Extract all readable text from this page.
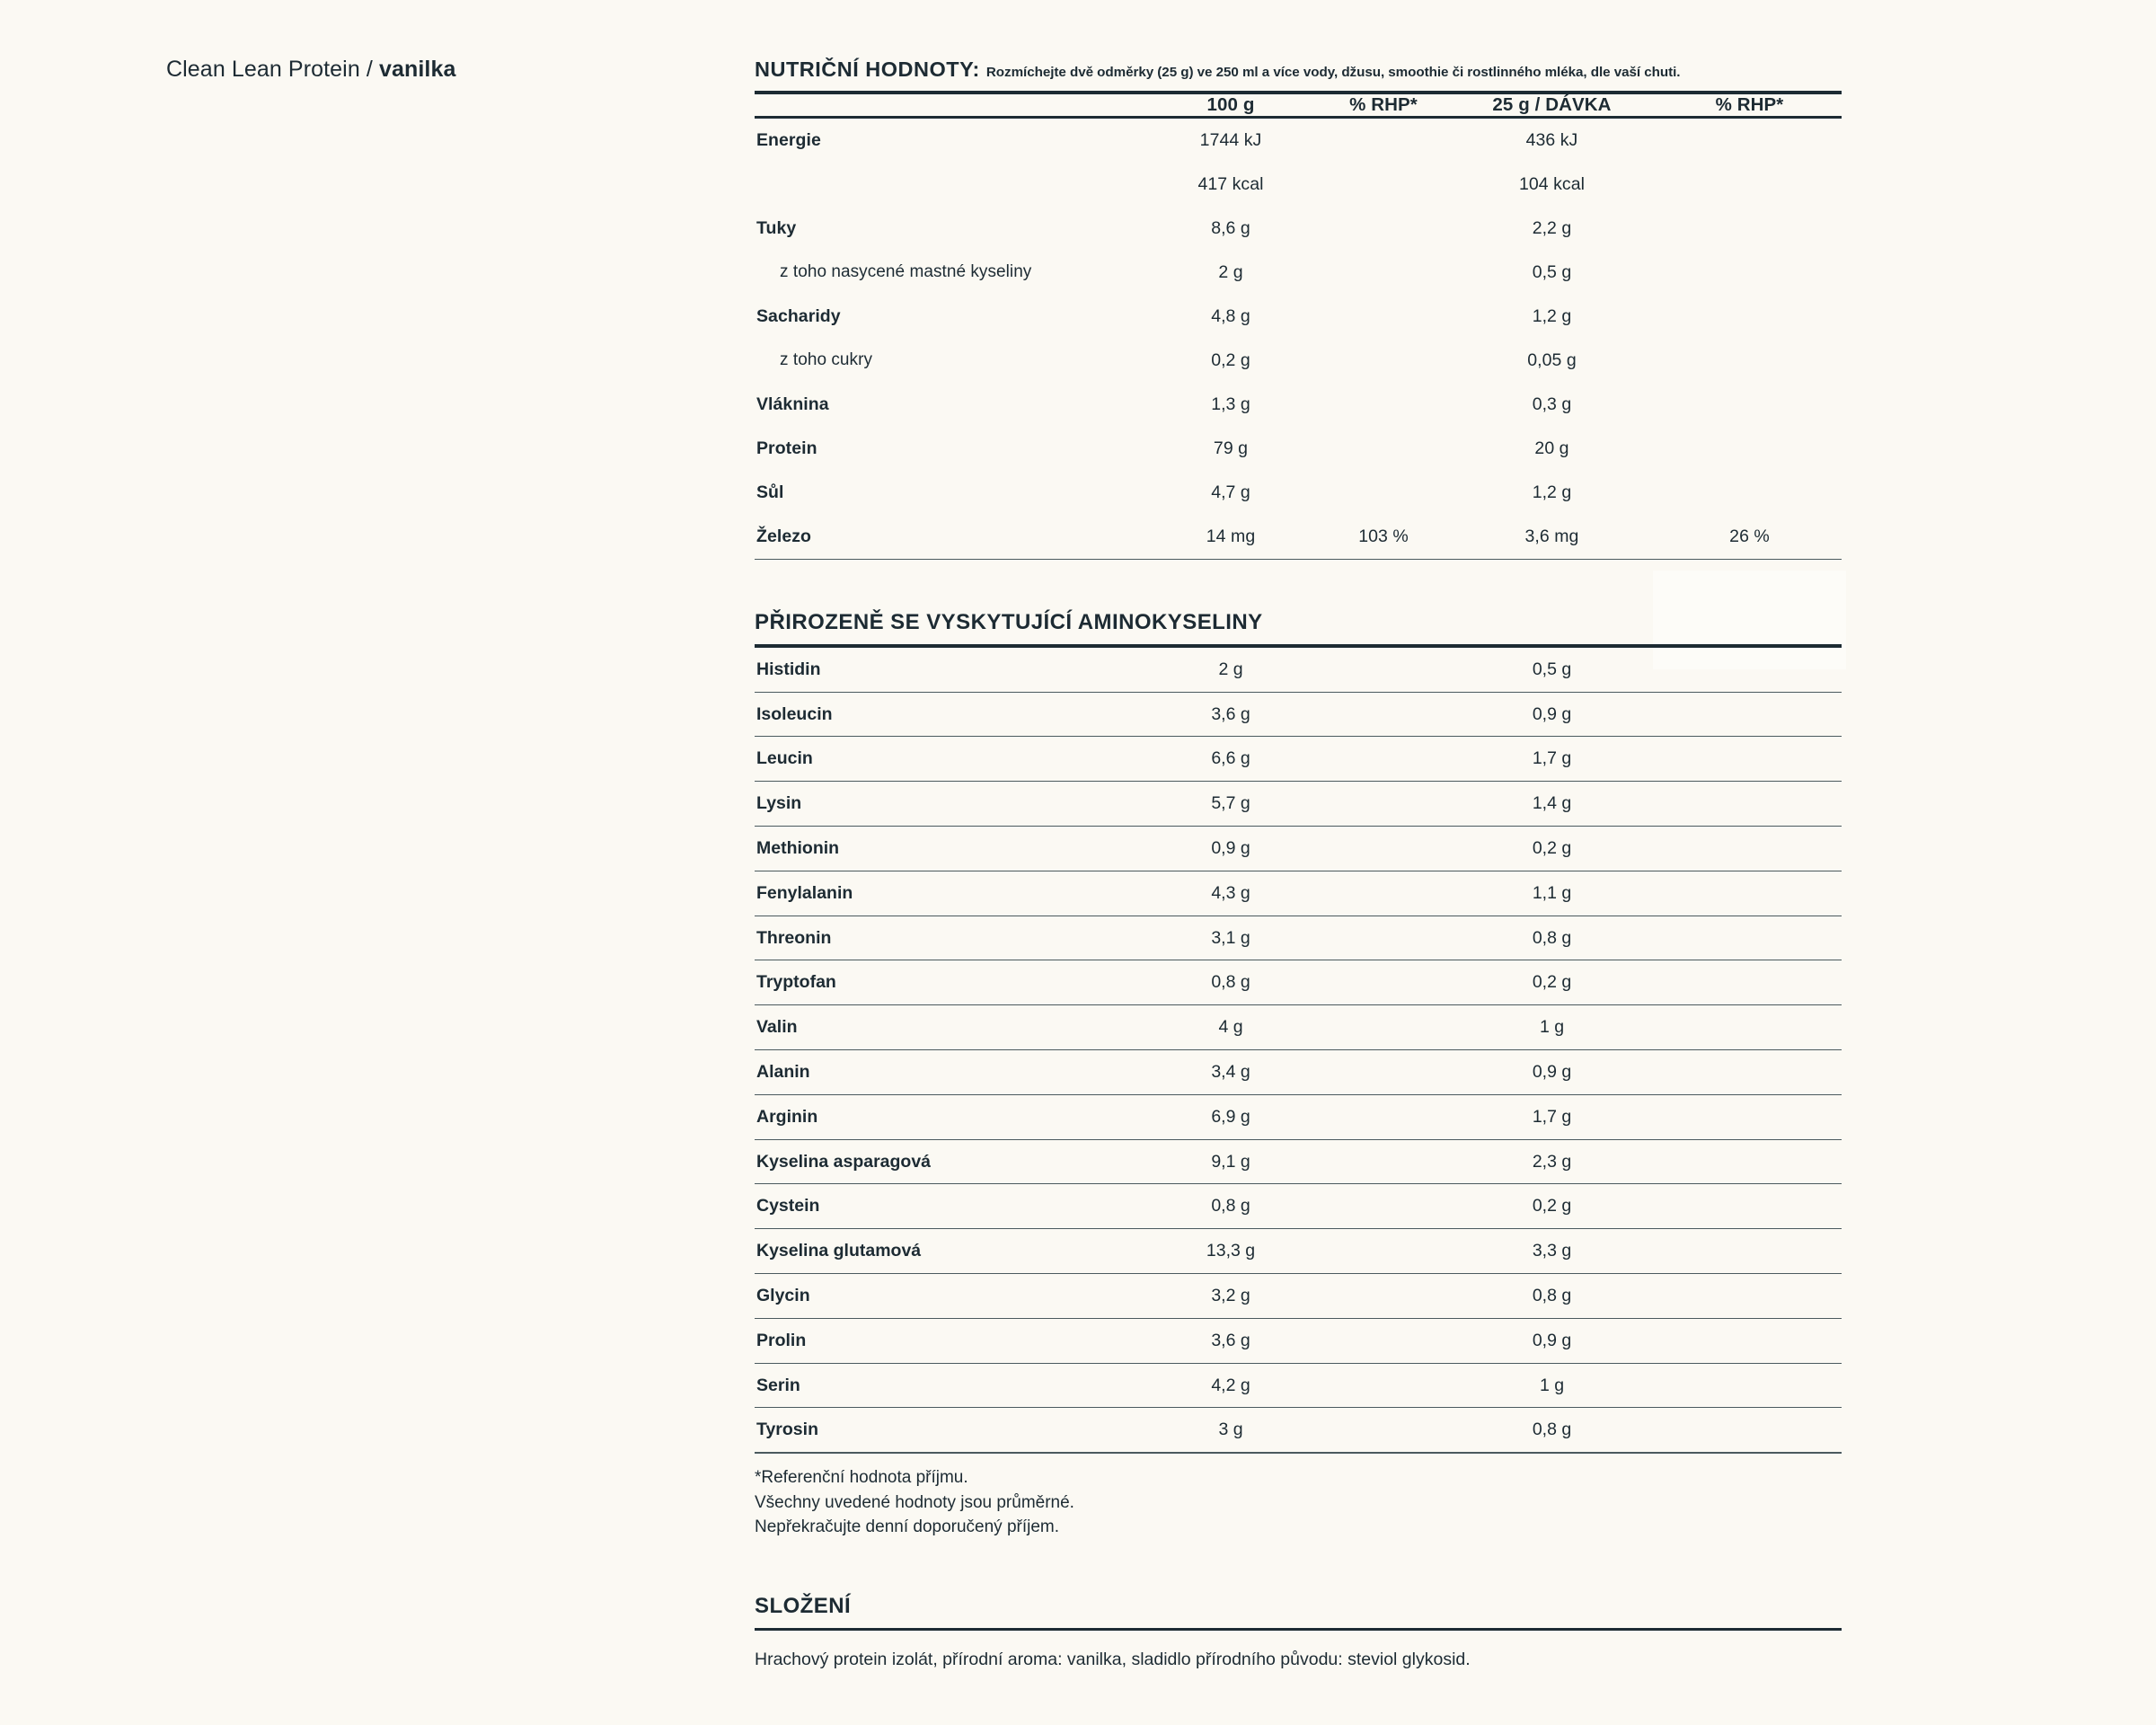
Clean Lean Protein / vanilka	NUTRIČNÍ HODNOTY: Rozmíchejte dvě odměrky (25 g) ve 250 ml a více vody, džusu, smoothie či rostlinného mléka, dle vaší chuti.
	100 g	% RHP*	25 g / DÁVKA	% RHP*
Energie	1744 kJ		436 kJ	
	417 kcal		104 kcal	
Tuky	8,6 g		2,2 g	
z toho nasycené mastné kyseliny	2 g		0,5 g	
Sacharidy	4,8 g		1,2 g	
z toho cukry	0,2 g		0,05 g	
Vláknina	1,3 g		0,3 g	
Protein	79 g		20 g	
Sůl	4,7 g		1,2 g	
Železo	14 mg	103 %	3,6 mg	26 %
PŘIROZENĚ SE VYSKYTUJÍCÍ AMINOKYSELINY
Histidin	2 g		0,5 g	
Isoleucin	3,6 g		0,9 g	
Leucin	6,6 g		1,7 g	
Lysin	5,7 g		1,4 g	
Methionin	0,9 g		0,2 g	
Fenylalanin	4,3 g		1,1 g	
Threonin	3,1 g		0,8 g	
Tryptofan	0,8 g		0,2 g	
Valin	4 g		1 g	
Alanin	3,4 g		0,9 g	
Arginin	6,9 g		1,7 g	
Kyselina asparagová	9,1 g		2,3 g	
Cystein	0,8 g		0,2 g	
Kyselina glutamová	13,3 g		3,3 g	
Glycin	3,2 g		0,8 g	
Prolin	3,6 g		0,9 g	
Serin	4,2 g		1 g	
Tyrosin	3 g		0,8 g	
*Referenční hodnota příjmu.
Všechny uvedené hodnoty jsou průměrné.
Nepřekračujte denní doporučený příjem.
SLOŽENÍ
Hrachový protein izolát, přírodní aroma: vanilka, sladidlo přírodního původu: steviol glykosid.
